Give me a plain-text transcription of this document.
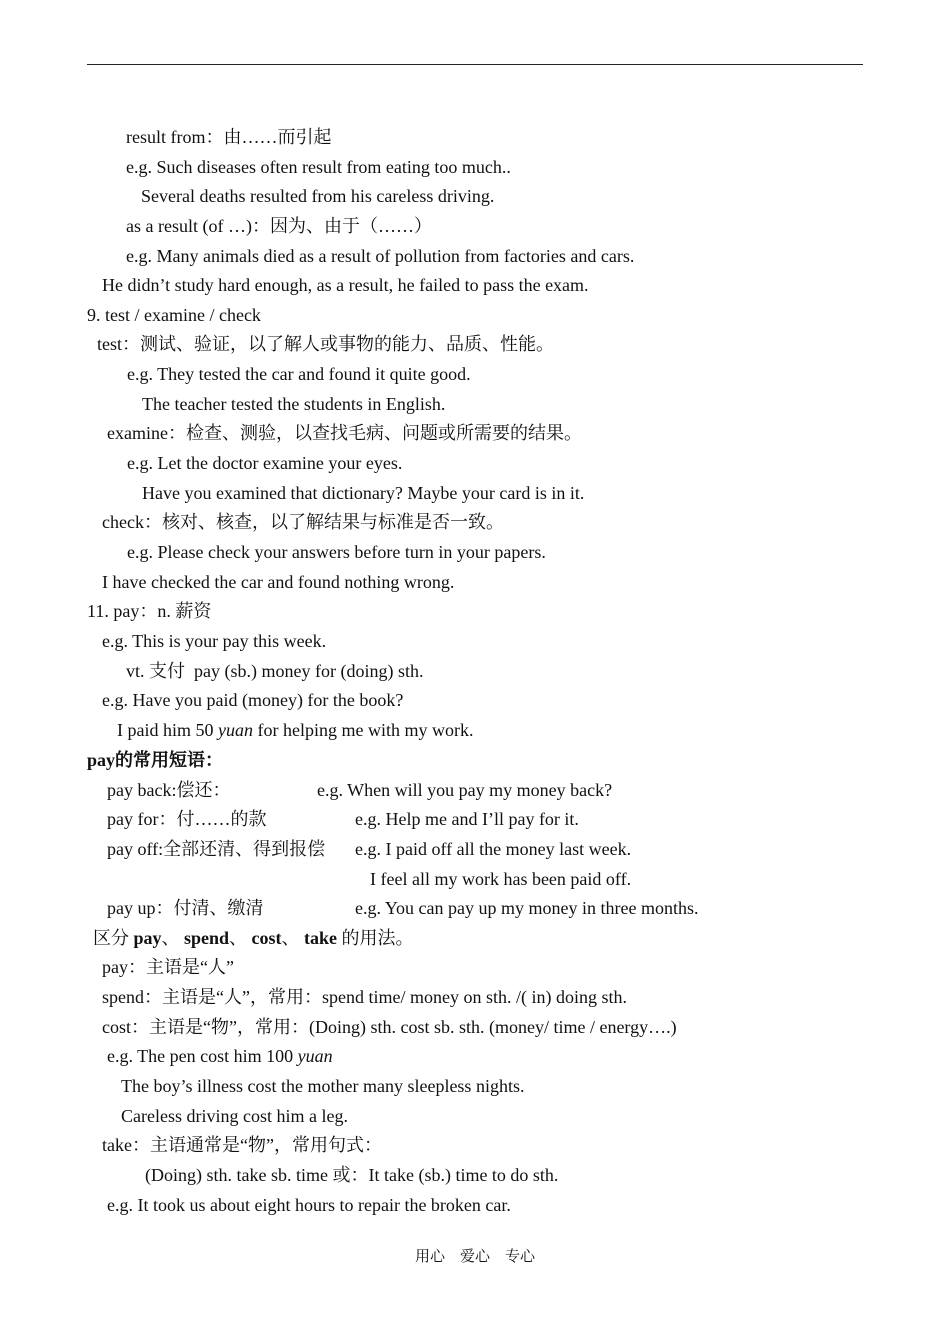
result from：由……而引起
e.g. Such diseases often result from eating too much..
Several deaths resulted from his careless driving.
as a result (of …)：因为、由于（……）
e.g. Many animals died as a result of pollution from factories and cars.
He didn’t study hard enough, as a result, he failed to pass the exam.
9. test / examine / check
test：测试、验证，以了解人或事物的能力、品质、性能。
e.g. They tested the car and found it quite good.
The teacher tested the students in English.
examine：检查、测验，以查找毛病、问题或所需要的结果。
e.g. Let the doctor examine your eyes.
Have you examined that dictionary? Maybe your card is in it.
check：核对、核查，以了解结果与标准是否一致。
e.g. Please check your answers before turn in your papers.
I have checked the car and found nothing wrong.
11. pay：n. 薪资
e.g. This is your pay this week.
vt. 支付  pay (sb.) money for (doing) sth.
e.g. Have you paid (money) for the book?
I paid him 50 yuan for helping me with my work.
pay的常用短语：
pay back:偿还：	e.g. When will you pay my money back?
pay for：付……的款	e.g. Help me and I’ll pay for it.
pay off:全部还清、得到报偿 e.g. I paid off all the money last week.
I feel all my work has been paid off.
pay up：付清、缴清	e.g. You can pay up my money in three months.
区分 pay、 spend、 cost、 take 的用法。
pay：主语是“人”
spend：主语是“人”，常用：spend time/ money on sth. /( in) doing sth.
cost：主语是“物”，常用：(Doing) sth. cost sb. sth. (money/ time / energy….)
e.g. The pen cost him 100 yuan
The boy’s illness cost the mother many sleepless nights.
Careless driving cost him a leg.
take：主语通常是“物”，常用句式：
(Doing) sth. take sb. time 或：It take (sb.) time to do sth.
e.g. It took us about eight hours to repair the broken car.
用心    爱心    专心
